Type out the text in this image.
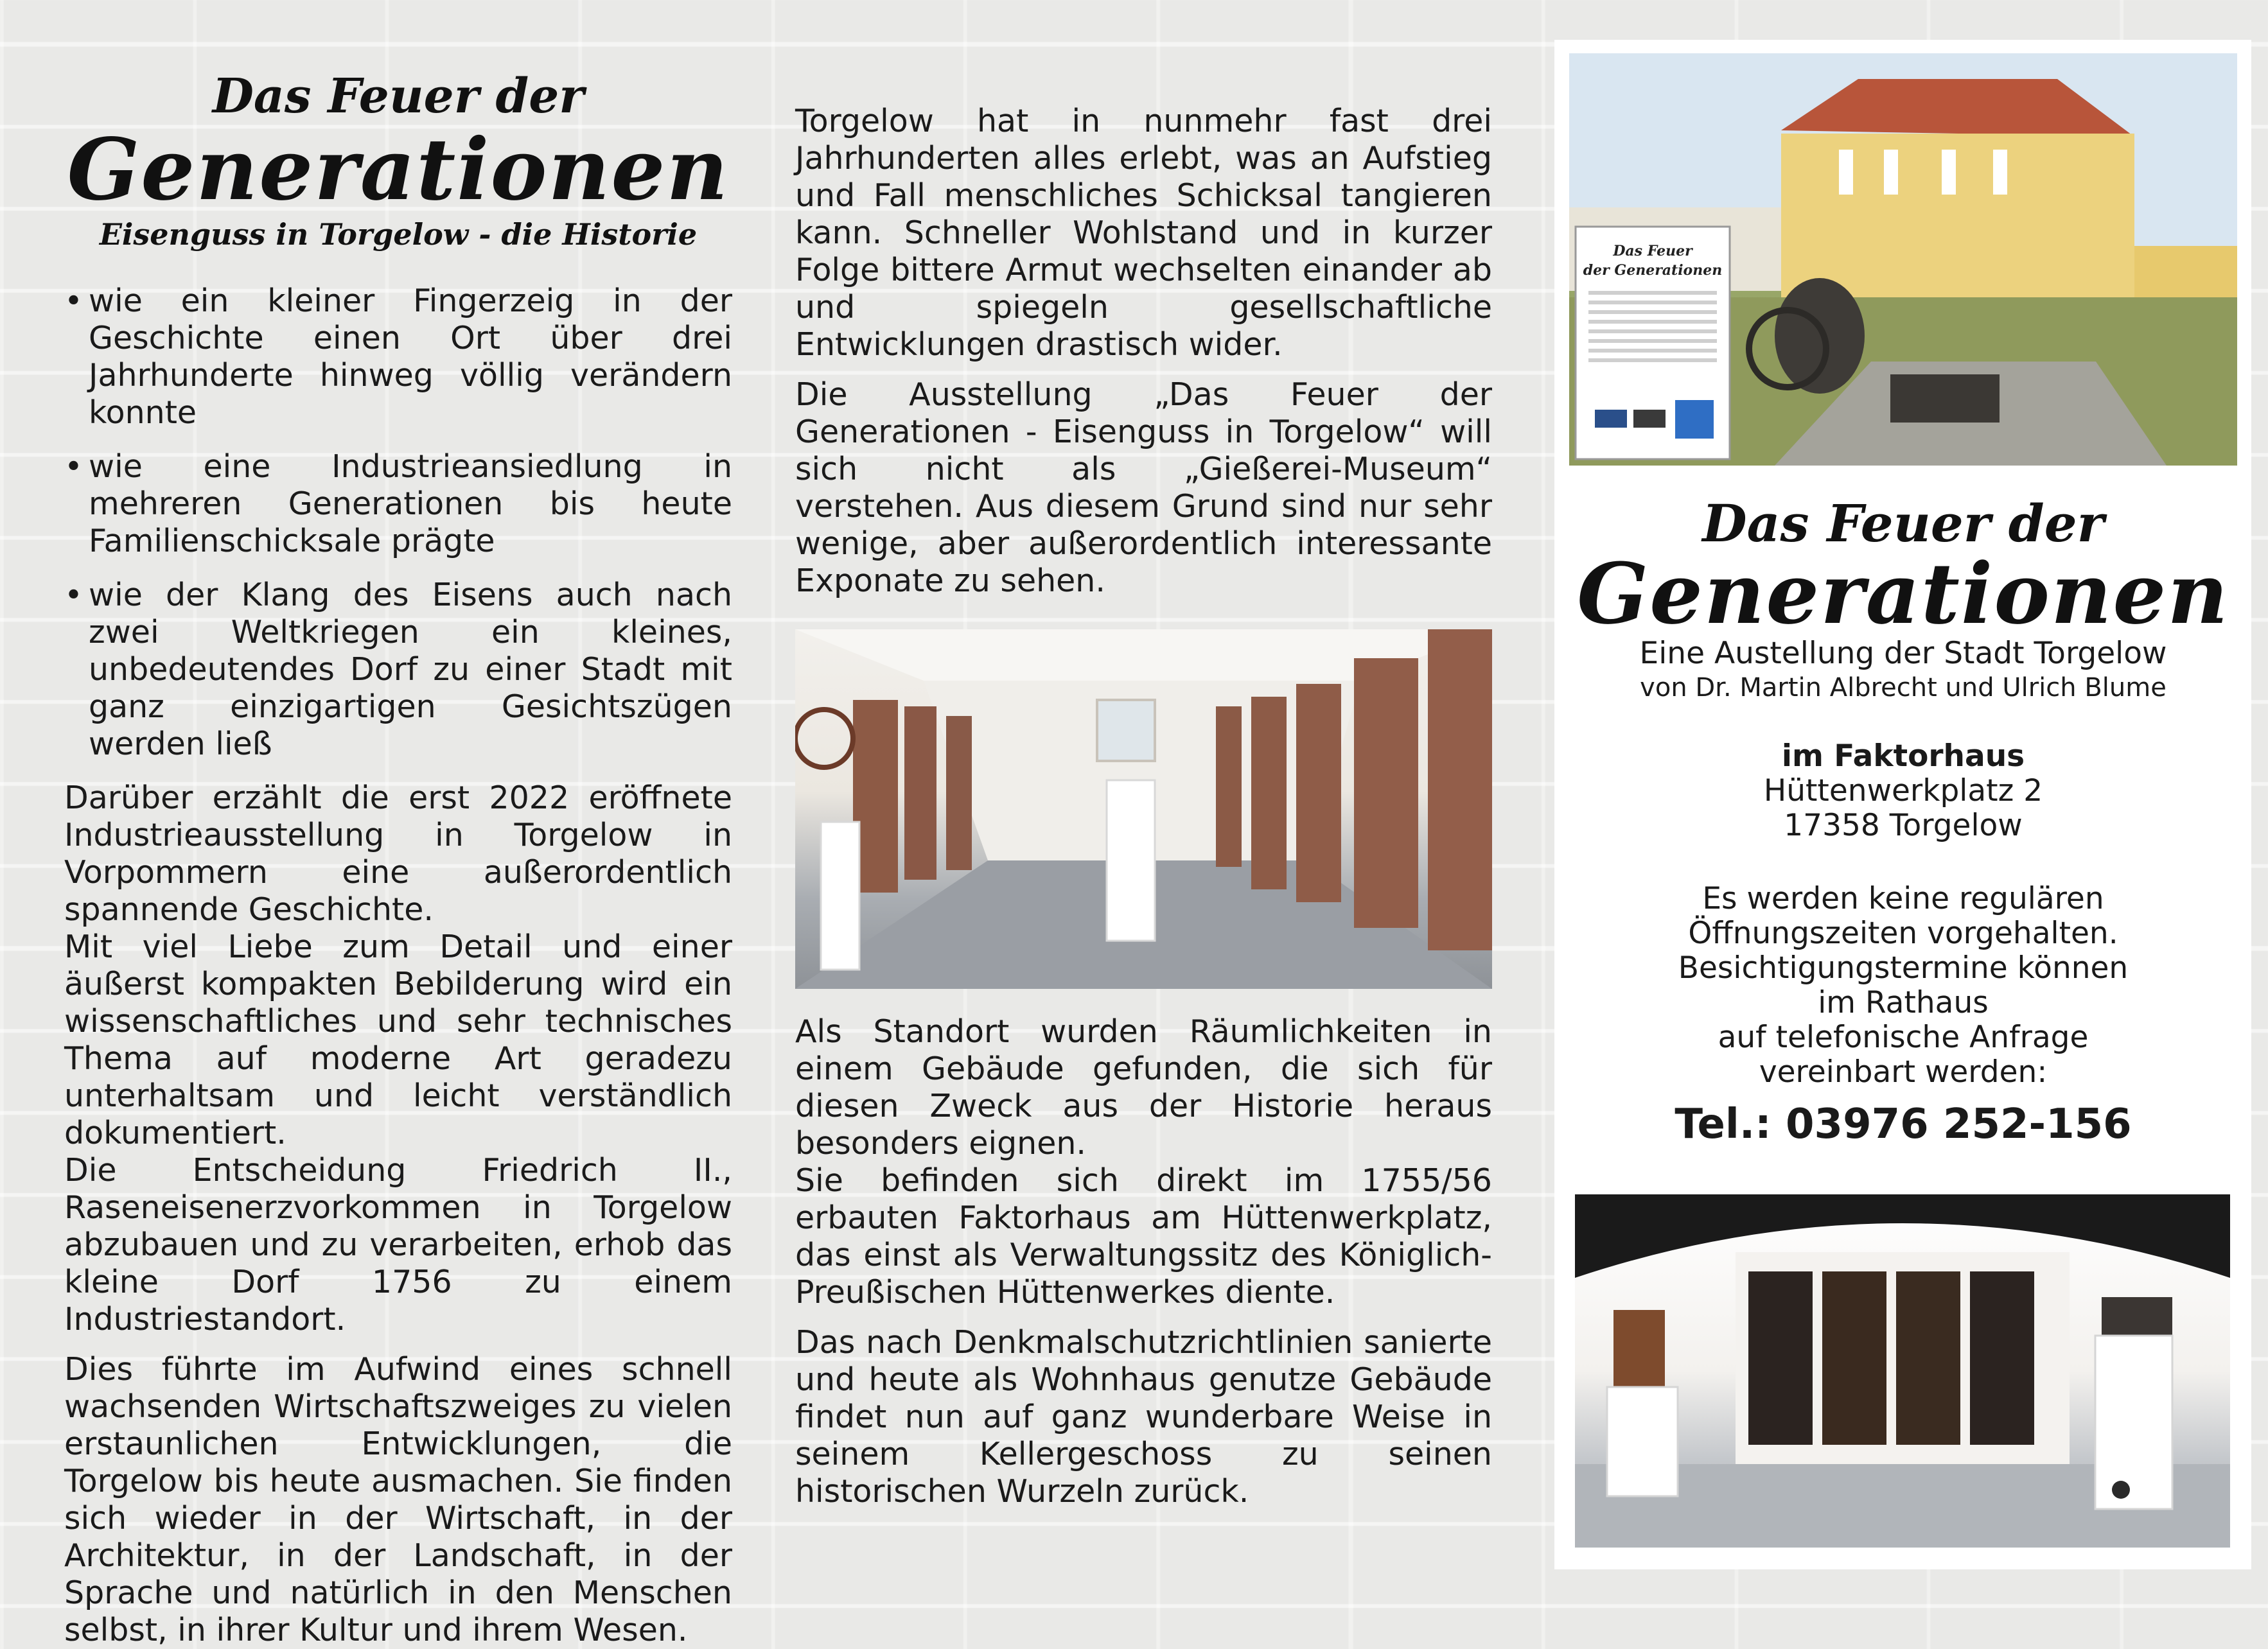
Das Feuer der
Generationen
Eisenguss in Torgelow - die Historie
• wie ein kleiner Fingerzeig in der Geschichte einen Ort über drei Jahrhunderte hinweg völlig verändern konnte
• wie eine Industrieansiedlung in mehreren Generationen bis heute Familienschicksale prägte
• wie der Klang des Eisens auch nach zwei Weltkriegen ein kleines, unbedeutendes Dorf zu einer Stadt mit ganz einzigartigen Gesichtszügen werden ließ

Darüber erzählt die erst 2022 eröffnete Industrieausstellung in Torgelow in Vorpommern eine außerordentlich spannende Geschichte.

Mit viel Liebe zum Detail und einer äußerst kompakten Bebilderung wird ein wissenschaftliches und sehr technisches Thema auf moderne Art geradezu unterhaltsam und leicht verständlich dokumentiert.

Die Entscheidung Friedrich II., Raseneisenerzvorkommen in Torgelow abzubauen und zu verarbeiten, erhob das kleine Dorf 1756 zu einem Industriestandort.

Dies führte im Aufwind eines schnell wachsenden Wirtschaftszweiges zu vielen erstaunlichen Entwicklungen, die Torgelow bis heute ausmachen. Sie finden sich wieder in der Wirtschaft, in der Architektur, in der Landschaft, in der Sprache und natürlich in den Menschen selbst, in ihrer Kultur und ihrem Wesen.

Torgelow hat in nunmehr fast drei Jahrhunderten alles erlebt, was an Aufstieg und Fall menschliches Schicksal tangieren kann. Schneller Wohlstand und in kurzer Folge bittere Armut wechselten einander ab und spiegeln gesellschaftliche Entwicklungen drastisch wider.

Die Ausstellung „Das Feuer der Generationen - Eisenguss in Torgelow“ will sich nicht als „Gießerei-Museum“ verstehen. Aus diesem Grund sind nur sehr wenige, aber außerordentlich interessante Exponate zu sehen.

Als Standort wurden Räumlichkeiten in einem Gebäude gefunden, die sich für diesen Zweck aus der Historie heraus besonders eignen.

Sie befinden sich direkt im 1755/56 erbauten Faktorhaus am Hüttenwerkplatz, das einst als Verwaltungssitz des Königlich-Preußischen Hüttenwerkes diente.

Das nach Denkmalschutzrichtlinien sanierte und heute als Wohnhaus genutze Gebäude findet nun auf ganz wunderbare Weise in seinem Kellergeschoss zu seinen historischen Wurzeln zurück.

Das Feuer
der Generationen
Das Feuer der
Generationen
Eine Austellung der Stadt Torgelow
von Dr. Martin Albrecht und Ulrich Blume
im Faktorhaus
Hüttenwerkplatz 2
17358 Torgelow
Es werden keine regulären
Öffnungszeiten vorgehalten.
Besichtigungstermine können
im Rathaus
auf telefonische Anfrage
vereinbart werden:
Tel.: 03976 252-156
